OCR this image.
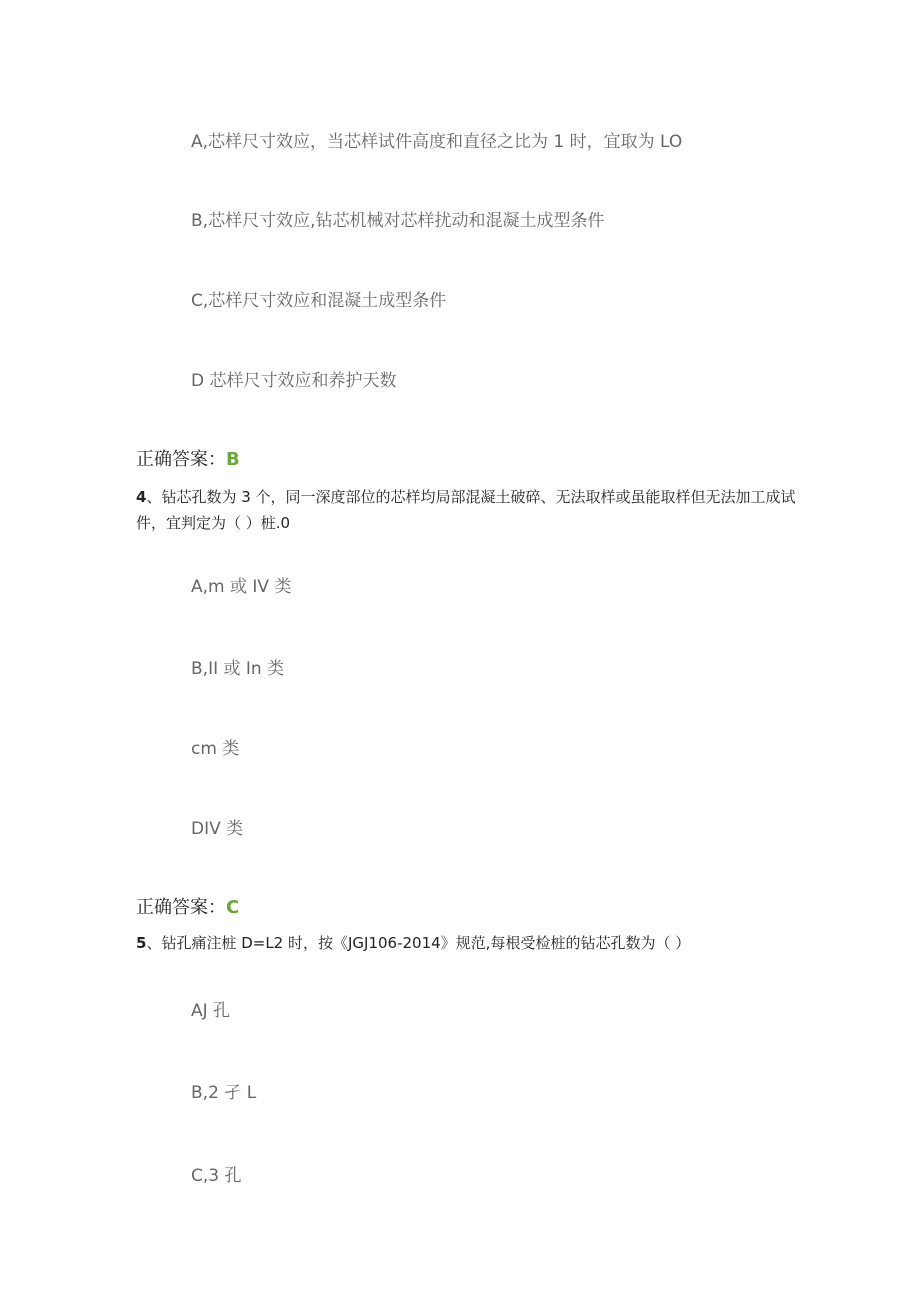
A,芯样尺寸效应，当芯样试件高度和直径之比为 1 时，宜取为 LO
B,芯样尺寸效应,钻芯机械对芯样扰动和混凝土成型条件
C,芯样尺寸效应和混凝土成型条件
D 芯样尺寸效应和养护天数
正确答案：B
4、钻芯孔数为 3 个，同一深度部位的芯样均局部混凝土破碎、无法取样或虽能取样但无法加工成试件，宜判定为（ ）桩.0
A,m 或 IV 类
B,II 或 In 类
cm 类
DIV 类
正确答案：C
5、钻孔痛注桩 D=L2 时，按《JGJ106-2014》规范,每根受检桩的钻芯孔数为（ ）
AJ 孔
B,2 孑 L
C,3 孔
